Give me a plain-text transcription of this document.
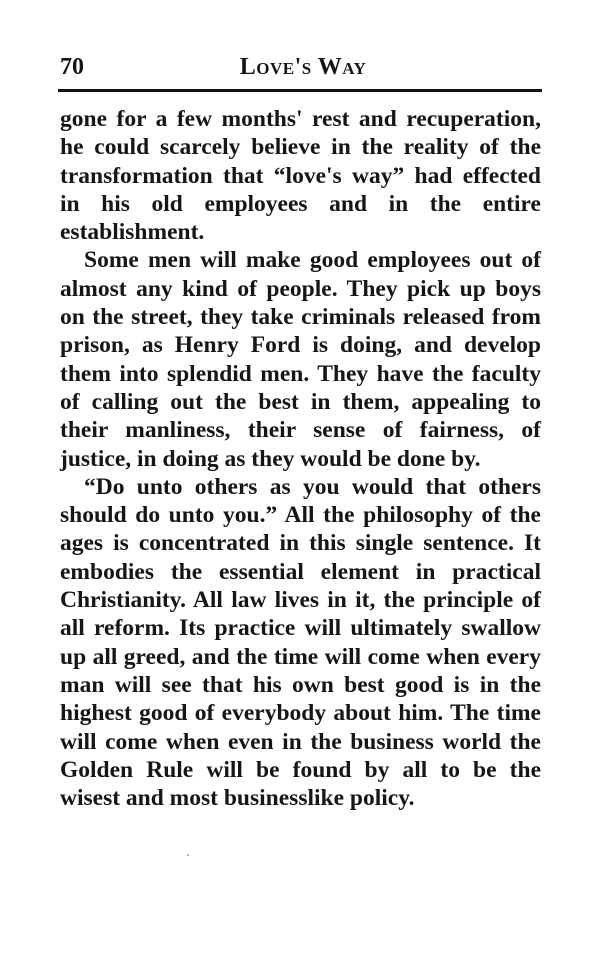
70	Love's Way

gone for a few months' rest and recuperation, he could scarcely believe in the reality of the transformation that “love's way” had effected in his old employees and in the entire establishment.

Some men will make good employees out of almost any kind of people. They pick up boys on the street, they take criminals released from prison, as Henry Ford is doing, and develop them into splendid men. They have the faculty of calling out the best in them, appealing to their manliness, their sense of fairness, of justice, in doing as they would be done by.

“Do unto others as you would that others should do unto you.” All the philosophy of the ages is concentrated in this single sentence. It embodies the essential element in practical Christianity. All law lives in it, the principle of all reform. Its practice will ultimately swallow up all greed, and the time will come when every man will see that his own best good is in the highest good of everybody about him. The time will come when even in the business world the Golden Rule will be found by all to be the wisest and most businesslike policy.
